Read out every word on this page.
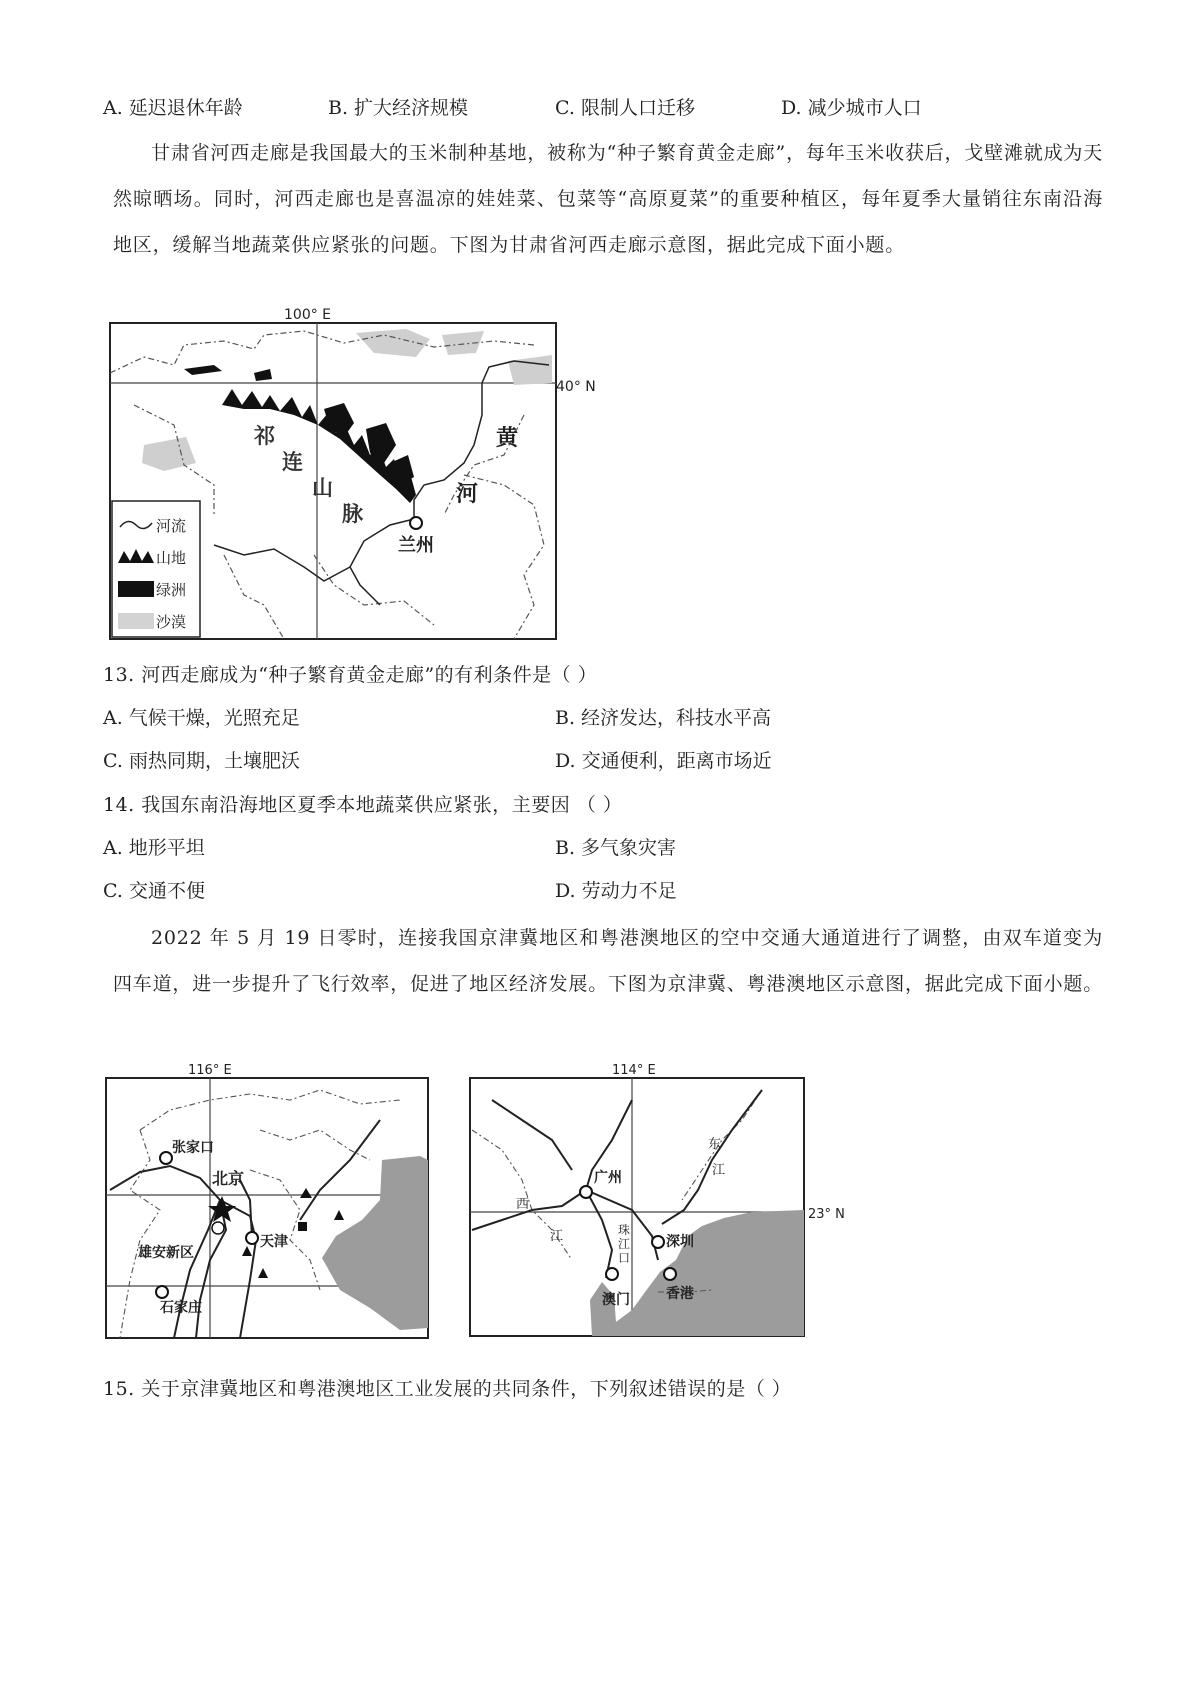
A. 延迟退休年龄	B. 扩大经济规模	C. 限制人口迁移	D. 减少城市人口
甘肃省河西走廊是我国最大的玉米制种基地，被称为“种子繁育黄金走廊”，每年玉米收获后，戈壁滩就成为天然晾晒场。同时，河西走廊也是喜温凉的娃娃菜、包菜等“高原夏菜”的重要种植区，每年夏季大量销往东南沿海地区，缓解当地蔬菜供应紧张的问题。下图为甘肃省河西走廊示意图，据此完成下面小题。
100° E
40° N
祁
连
山
脉
黄
河
兰州
河流
山地
绿洲
沙漠
13. 河西走廊成为“种子繁育黄金走廊”的有利条件是（ ）
A. 气候干燥，光照充足	B. 经济发达，科技水平高
C. 雨热同期，土壤肥沃	D. 交通便利，距离市场近
14. 我国东南沿海地区夏季本地蔬菜供应紧张，主要因 （ ）
A. 地形平坦	B. 多气象灾害
C. 交通不便	D. 劳动力不足
2022 年 5 月 19 日零时，连接我国京津冀地区和粤港澳地区的空中交通大通道进行了调整，由双车道变为四车道，进一步提升了飞行效率，促进了地区经济发展。下图为京津冀、粤港澳地区示意图，据此完成下面小题。
116° E
张家口
北京
天津
雄安新区
石家庄
114° E
23° N
广州
深圳
澳门	香港
东
江
西
江	珠
江
口
15. 关于京津冀地区和粤港澳地区工业发展的共同条件，下列叙述错误的是（ ）
